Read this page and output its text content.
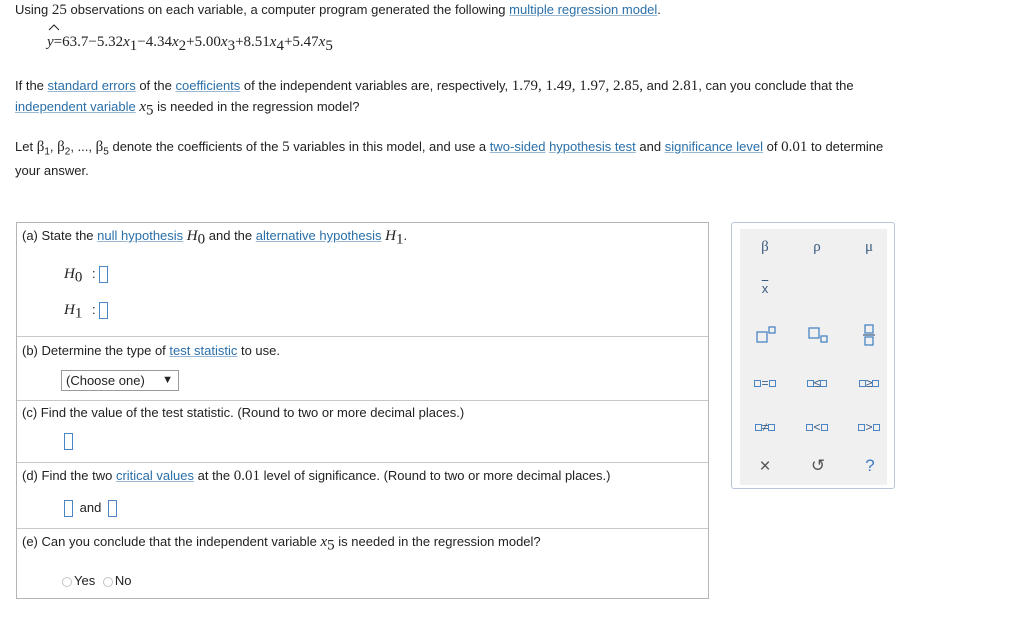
Using 25 observations on each variable, a computer program generated the following multiple regression model.
$y=63.7-5.32x_1-4.34x_2+5.00x_3+8.51x_4+5.47x_5$
If the standard errors of the coefficients of the independent variables are, respectively, 1.79, 1.49, 1.97, 2.85, and 2.81, can you conclude that the
independent variable $x_5$ is needed in the regression model?
Let $\beta_1$, $\beta_2$, ..., $\beta_5$ denote the coefficients of the 5 variables in this model, and use a two-sided hypothesis test and significance level of 0.01 to determine
your answer.
(a) State the null hypothesis $H_0$ and the alternative hypothesis $H_1$.
$H_0$ :
$H_1$ :
(b) Determine the type of test statistic to use.
(Choose one) ▼
(c) Find the value of the test statistic. (Round to two or more decimal places.)
(d) Find the two critical values at the 0.01 level of significance. (Round to two or more decimal places.)
and
(e) Can you conclude that the independent variable $x_5$ is needed in the regression model?
Yes No
β	ρ	μ
$\overline{x}$
=	≤	≥
≠	<	>
×	↺	?
